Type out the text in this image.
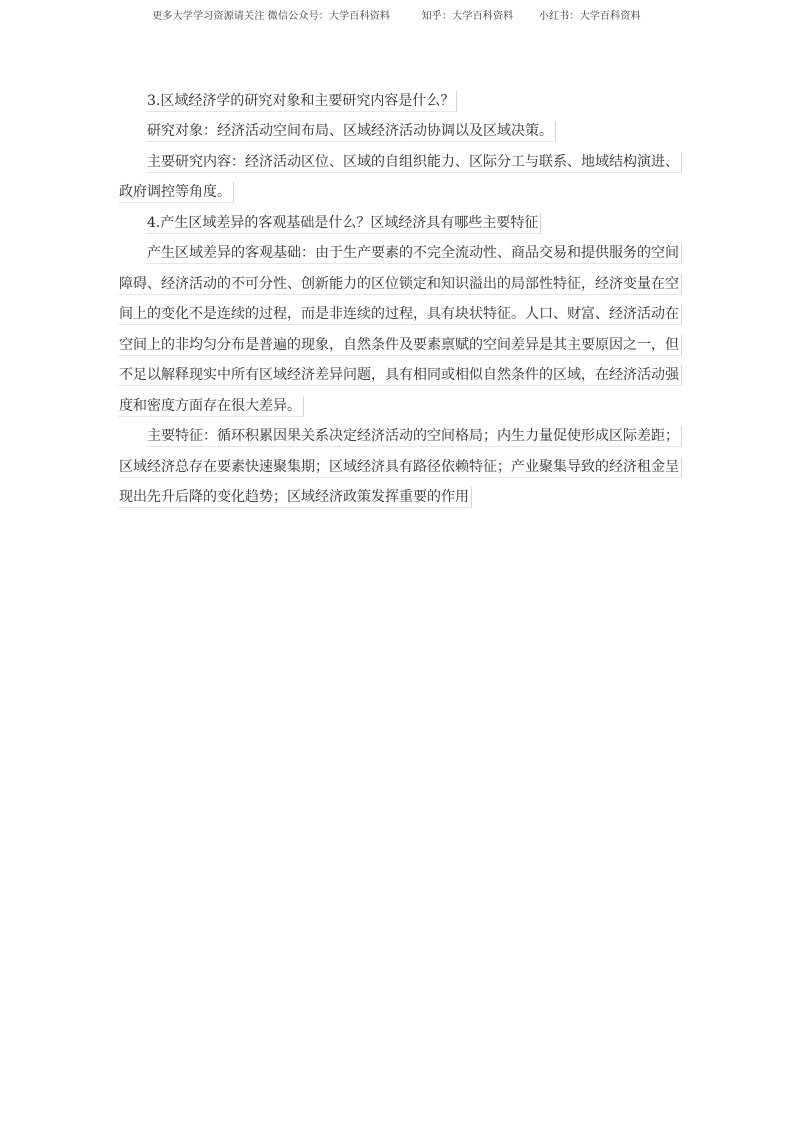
更多大学学习资源请关注 微信公众号：大学百科资料	知乎：大学百科资料	小红书：大学百科资料
3.区域经济学的研究对象和主要研究内容是什么？
研究对象：经济活动空间布局、区域经济活动协调以及区域决策。
主要研究内容：经济活动区位、区域的自组织能力、区际分工与联系、地域结构演进、
政府调控等角度。
4.产生区域差异的客观基础是什么？区域经济具有哪些主要特征
产生区域差异的客观基础：由于生产要素的不完全流动性、商品交易和提供服务的空间
障碍、经济活动的不可分性、创新能力的区位锁定和知识溢出的局部性特征，经济变量在空
间上的变化不是连续的过程，而是非连续的过程，具有块状特征。人口、财富、经济活动在
空间上的非均匀分布是普遍的现象，自然条件及要素禀赋的空间差异是其主要原因之一，但
不足以解释现实中所有区域经济差异问题，具有相同或相似自然条件的区域，在经济活动强
度和密度方面存在很大差异。
主要特征：循环积累因果关系决定经济活动的空间格局；内生力量促使形成区际差距；
区域经济总存在要素快速聚集期；区域经济具有路径依赖特征；产业聚集导致的经济租金呈
现出先升后降的变化趋势；区域经济政策发挥重要的作用
